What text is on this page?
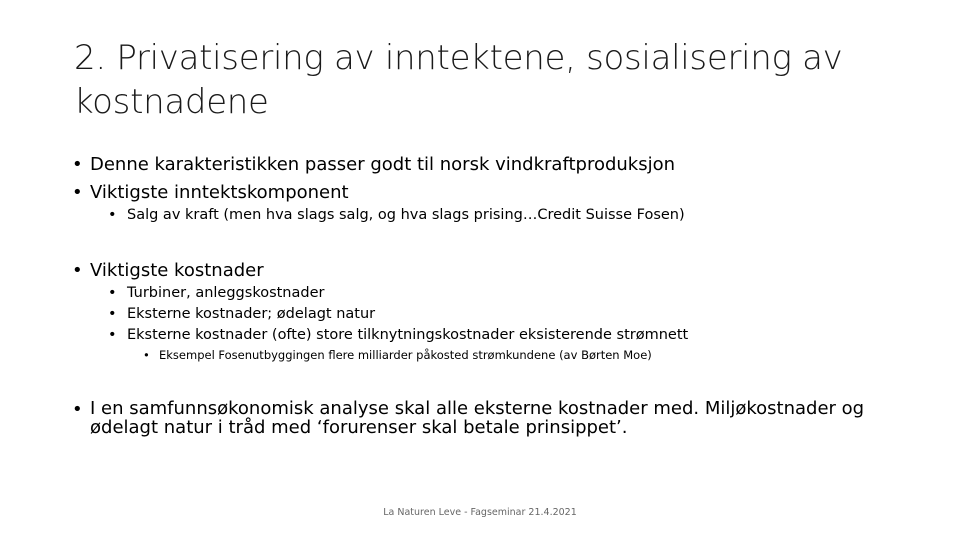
2. Privatisering av inntektene, sosialisering av kostnadene
• Denne karakteristikken passer godt til norsk vindkraftproduksjon
• Viktigste inntektskomponent
• Salg av kraft (men hva slags salg, og hva slags prising…Credit Suisse Fosen)
• Viktigste kostnader
• Turbiner, anleggskostnader
• Eksterne kostnader; ødelagt natur
• Eksterne kostnader (ofte) store tilknytningskostnader eksisterende strømnett
• Eksempel Fosenutbyggingen flere milliarder påkosted strømkundene (av Børten Moe)
• I en samfunnsøkonomisk analyse skal alle eksterne kostnader med. Miljøkostnader og ødelagt natur i tråd med ‘forurenser skal betale prinsippet’.
La Naturen Leve - Fagseminar 21.4.2021
